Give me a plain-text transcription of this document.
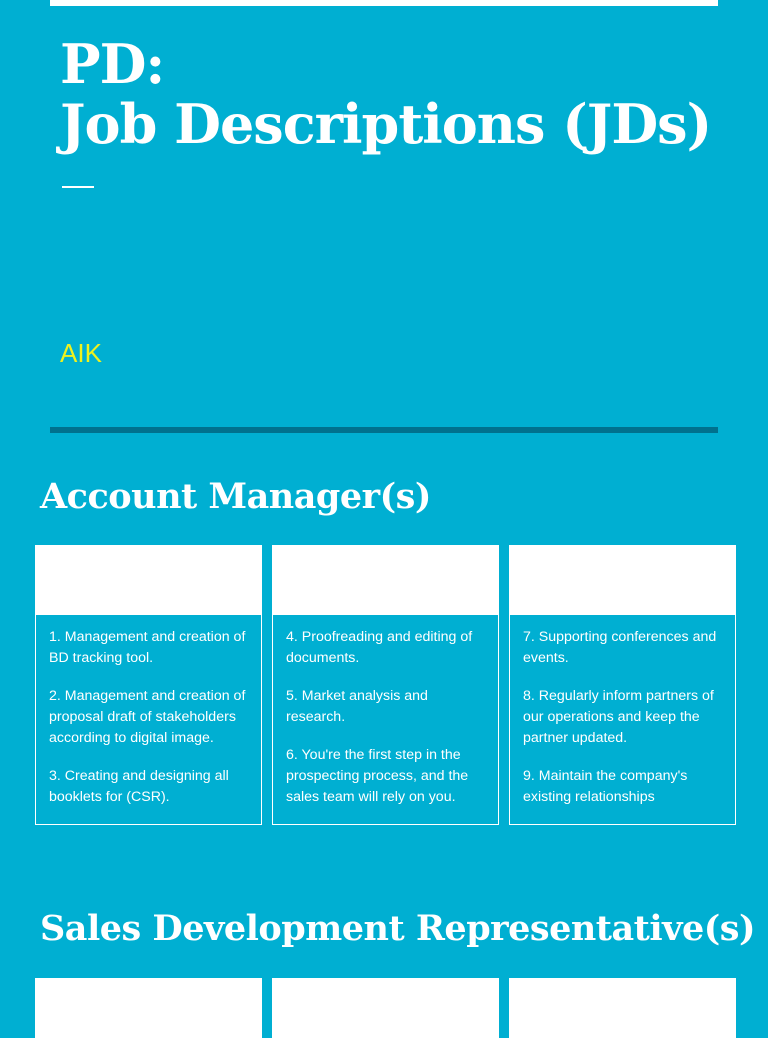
PD:
Job Descriptions (JDs)
AIK
Account Manager(s)

1. Management and creation of BD tracking tool.

2. Management and creation of proposal draft of stakeholders according to digital image.

3. Creating and designing all booklets for (CSR).

4. Proofreading and editing of documents.

5. Market analysis and research.

6. You're the first step in the prospecting process, and the sales team will rely on you.

7. Supporting conferences and events.

8. Regularly inform partners of our operations and keep the partner updated.

9. Maintain the company's existing relationships

Sales Development Representative(s)
